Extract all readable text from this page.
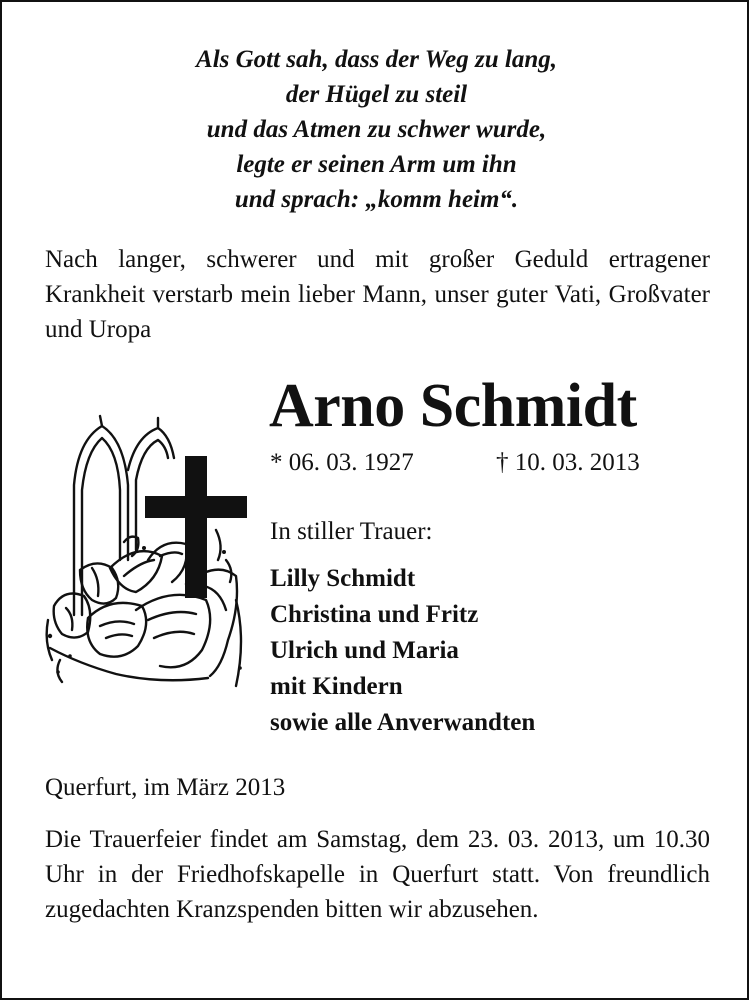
Als Gott sah, dass der Weg zu lang,
der Hügel zu steil
und das Atmen zu schwer wurde,
legte er seinen Arm um ihn
und sprach: „komm heim“.
Nach langer, schwerer und mit großer Geduld ertragener Krankheit verstarb mein lieber Mann, unser guter Vati, Großvater und Uropa
Arno Schmidt
* 06. 03. 1927	† 10. 03. 2013
In stiller Trauer:
Lilly Schmidt
Christina und Fritz
Ulrich und Maria
mit Kindern
sowie alle Anverwandten
Querfurt, im März 2013
Die Trauerfeier findet am Samstag, dem 23. 03. 2013, um 10.30 Uhr in der Friedhofskapelle in Querfurt statt. Von freundlich zugedachten Kranzspenden bitten wir abzusehen.
